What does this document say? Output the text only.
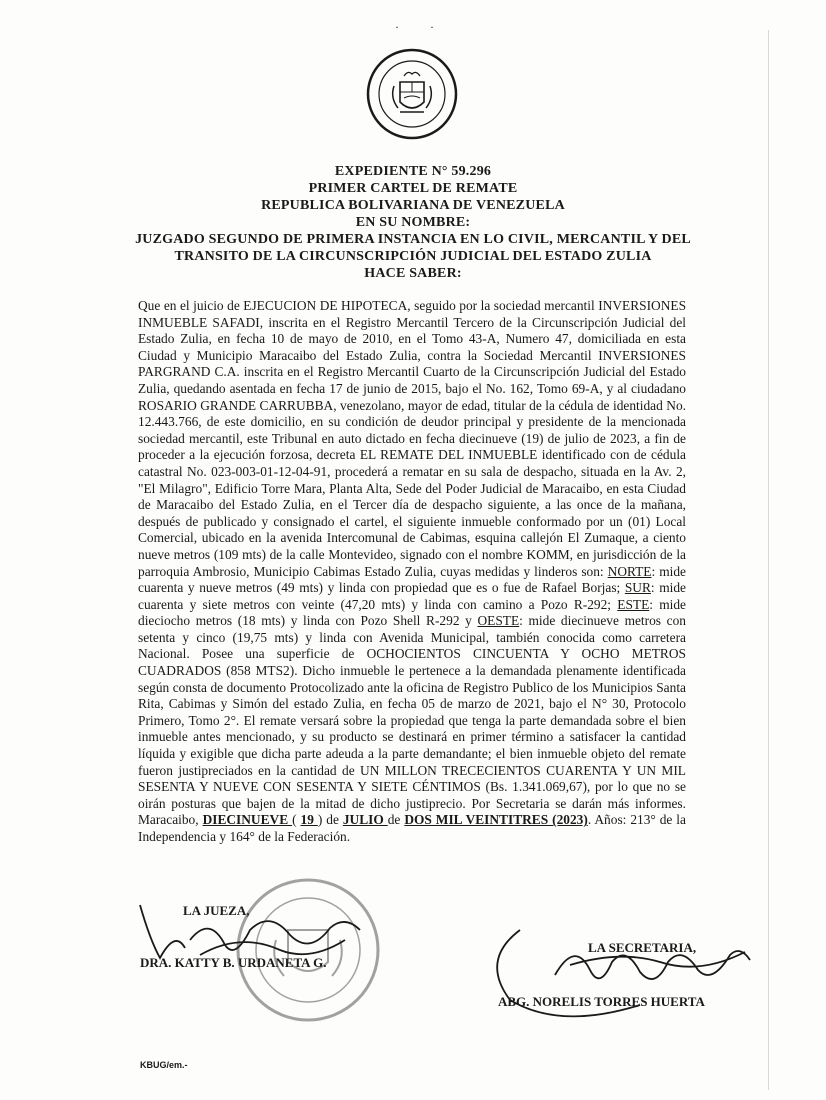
· ·
EXPEDIENTE N° 59.296
PRIMER CARTEL DE REMATE
REPUBLICA BOLIVARIANA DE VENEZUELA
EN SU NOMBRE:
JUZGADO SEGUNDO DE PRIMERA INSTANCIA EN LO CIVIL, MERCANTIL Y DEL
TRANSITO DE LA CIRCUNSCRIPCIÓN JUDICIAL DEL ESTADO ZULIA
HACE SABER:

Que en el juicio de EJECUCION DE HIPOTECA, seguido por la sociedad mercantil INVERSIONES INMUEBLE SAFADI, inscrita en el Registro Mercantil Tercero de la Circunscripción Judicial del Estado Zulia, en fecha 10 de mayo de 2010, en el Tomo 43-A, Numero 47, domiciliada en esta Ciudad y Municipio Maracaibo del Estado Zulia, contra la Sociedad Mercantil INVERSIONES PARGRAND C.A. inscrita en el Registro Mercantil Cuarto de la Circunscripción Judicial del Estado Zulia, quedando asentada en fecha 17 de junio de 2015, bajo el No. 162, Tomo 69-A, y al ciudadano ROSARIO GRANDE CARRUBBA, venezolano, mayor de edad, titular de la cédula de identidad No. 12.443.766, de este domicilio, en su condición de deudor principal y presidente de la mencionada sociedad mercantil, este Tribunal en auto dictado en fecha diecinueve (19) de julio de 2023, a fin de proceder a la ejecución forzosa, decreta EL REMATE DEL INMUEBLE identificado con de cédula catastral No. 023-003-01-12-04-91, procederá a rematar en su sala de despacho, situada en la Av. 2, "El Milagro", Edificio Torre Mara, Planta Alta, Sede del Poder Judicial de Maracaibo, en esta Ciudad de Maracaibo del Estado Zulia, en el Tercer día de despacho siguiente, a las once de la mañana, después de publicado y consignado el cartel, el siguiente inmueble conformado por un (01) Local Comercial, ubicado en la avenida Intercomunal de Cabimas, esquina callejón El Zumaque, a ciento nueve metros (109 mts) de la calle Montevideo, signado con el nombre KOMM, en jurisdicción de la parroquia Ambrosio, Municipio Cabimas Estado Zulia, cuyas medidas y linderos son: NORTE: mide cuarenta y nueve metros (49 mts) y linda con propiedad que es o fue de Rafael Borjas; SUR: mide cuarenta y siete metros con veinte (47,20 mts) y linda con camino a Pozo R-292; ESTE: mide dieciocho metros (18 mts) y linda con Pozo Shell R-292 y OESTE: mide diecinueve metros con setenta y cinco (19,75 mts) y linda con Avenida Municipal, también conocida como carretera Nacional. Posee una superficie de OCHOCIENTOS CINCUENTA Y OCHO METROS CUADRADOS (858 MTS2). Dicho inmueble le pertenece a la demandada plenamente identificada según consta de documento Protocolizado ante la oficina de Registro Publico de los Municipios Santa Rita, Cabimas y Simón del estado Zulia, en fecha 05 de marzo de 2021, bajo el N° 30, Protocolo Primero, Tomo 2°. El remate versará sobre la propiedad que tenga la parte demandada sobre el bien inmueble antes mencionado, y su producto se destinará en primer término a satisfacer la cantidad líquida y exigible que dicha parte adeuda a la parte demandante; el bien inmueble objeto del remate fueron justipreciados en la cantidad de UN MILLON TRECECIENTOS CUARENTA Y UN MIL SESENTA Y NUEVE CON SESENTA Y SIETE CÉNTIMOS (Bs. 1.341.069,67), por lo que no se oirán posturas que bajen de la mitad de dicho justiprecio. Por Secretaria se darán más informes. Maracaibo, DIECINUEVE ( 19 ) de JULIO de DOS MIL VEINTITRES (2023). Años: 213° de la Independencia y 164° de la Federación.

LA JUEZA,
DRA. KATTY B. URDANETA G.
LA SECRETARIA,
ABG. NORELIS TORRES HUERTA
KBUG/em.-
